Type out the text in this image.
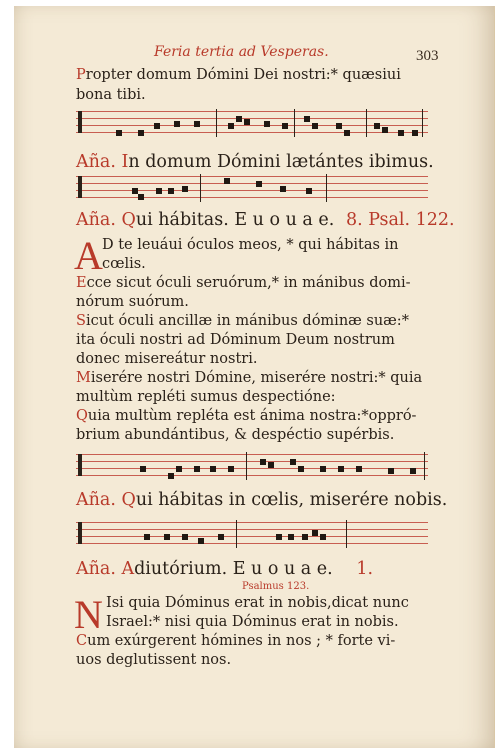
Feria tertia ad Vesperas.	303
Propter domum Dómini Dei nostri:* quæsiui
bona tibi.
Aña. In domum Dómini lætántes ibimus.
Aña. Qui hábitas. E u o u a e. 8. Psal. 122.
A D te leuáui óculos meos, * qui hábitas in
cœlis.
Ecce sicut óculi seruórum,* in mánibus domi-
nórum suórum.
Sicut óculi ancillæ in mánibus dóminæ suæ:*
ita óculi nostri ad Dóminum Deum nostrum
donec misereátur nostri.
Miserére nostri Dómine, miserére nostri:* quia
multùm repléti sumus despectióne:
Quia multùm repléta est ánima nostra:*oppró-
brium abundántibus, & despéctio supérbis.
Aña. Qui hábitas in cœlis, miserére nobis.
Aña. Adiutórium. E u o u a e. 1.
Psalmus 123.
N Isi quia Dóminus erat in nobis,dicat nunc
Israel:* nisi quia Dóminus erat in nobis.
Cum exúrgerent hómines in nos ; * forte vi-
uos deglutissent nos.
